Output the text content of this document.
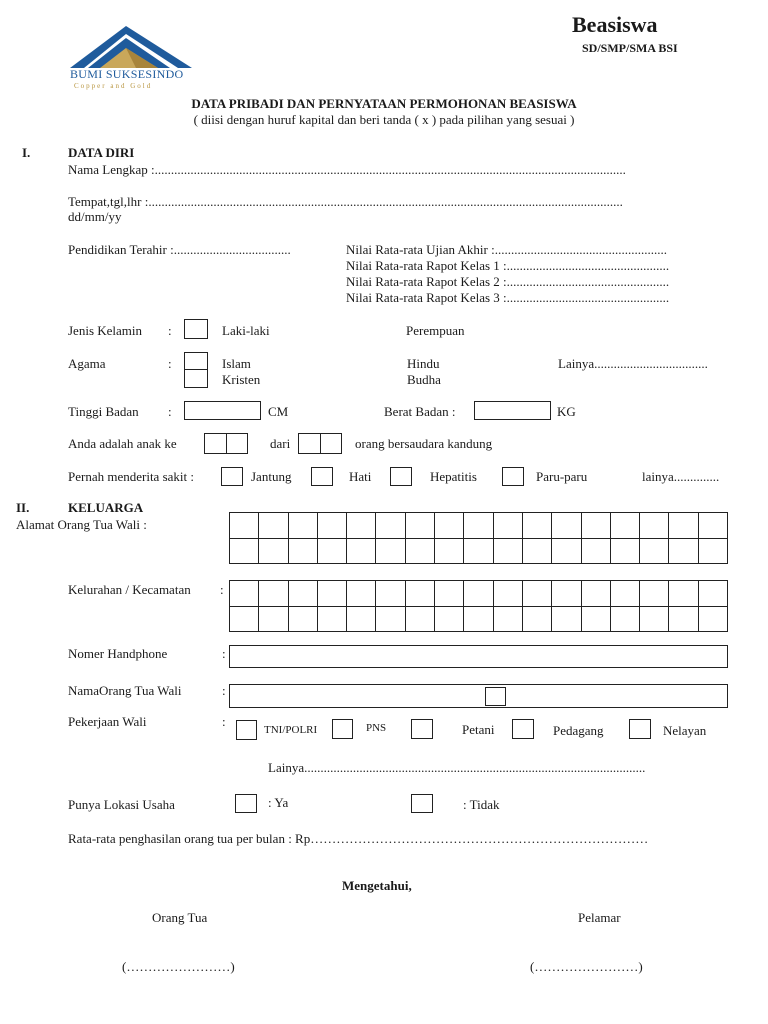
BUMI SUKSESINDO
Copper and Gold
Beasiswa
SD/SMP/SMA BSI
DATA PRIBADI DAN PERNYATAAN PERMOHONAN BEASISWA
( diisi dengan huruf kapital dan beri tanda ( x ) pada pilihan yang sesuai )
I.	DATA DIRI
Nama Lengkap :.................................................................................................................................................
Tempat,tgl,lhr :..................................................................................................................................................
dd/mm/yy
Pendidikan Terahir :....................................	Nilai Rata-rata Ujian Akhir :.....................................................
Nilai Rata-rata Rapot Kelas 1 :..................................................
Nilai Rata-rata Rapot Kelas 2 :..................................................
Nilai Rata-rata Rapot Kelas 3 :..................................................
Jenis Kelamin :	Laki-laki	Perempuan
Agama	:	Islam
Kristen
Hindu
Budha
Lainya...................................
Tinggi Badan :	CM	Berat Badan :	KG
Anda adalah anak ke	dari	orang bersaudara kandung
Pernah menderita sakit :	Jantung	Hati	Hepatitis	Paru-paru	lainya..............
II.	KELUARGA
Alamat Orang Tua Wali :
Kelurahan / Kecamatan :
Nomer Handphone	:
NamaOrang Tua Wali	:
Pekerjaan Wali	:
TNI/POLRI	PNS	Petani	Pedagang	Nelayan
Lainya.........................................................................................................
Punya Lokasi Usaha	: Ya	: Tidak
Rata-rata penghasilan orang tua per bulan : Rp……………………………………………………………………
Mengetahui,
Orang Tua	Pelamar
(……………………)	(……………………)
